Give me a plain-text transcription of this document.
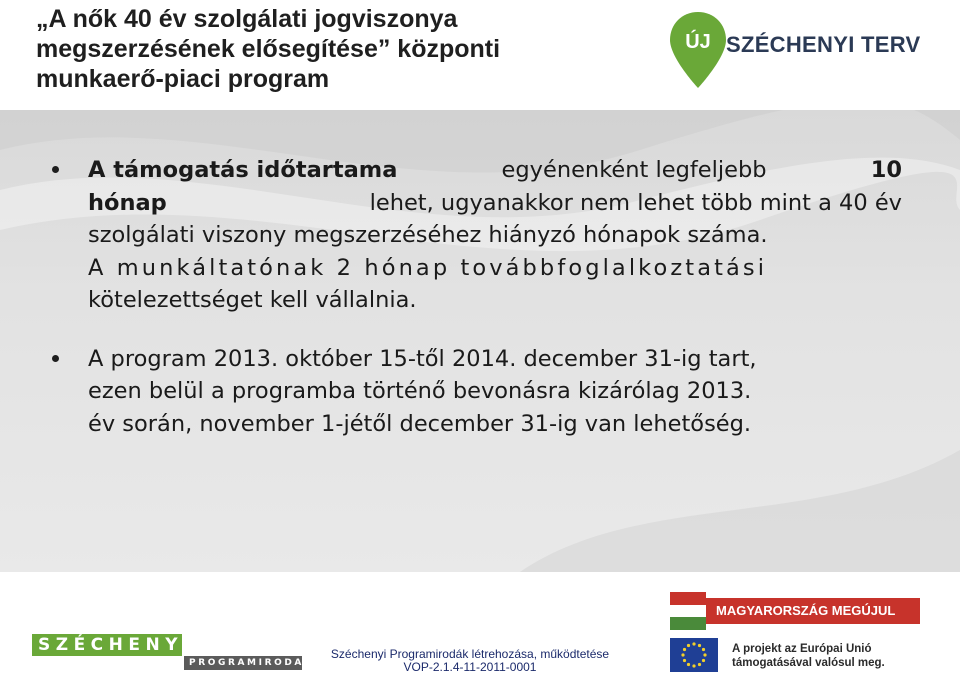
„A nők 40 év szolgálati jogviszonya
megszerzésének elősegítése” központi
munkaerő-piaci program
ÚJ SZÉCHENYI TERV
A támogatás időtartama	egyénenként legfeljebb	10
hónap	lehet, ugyanakkor nem lehet több mint a 40 év
szolgálati viszony megszerzéséhez hiányzó hónapok száma.
A munkáltatónak 2 hónap továbbfoglalkoztatási
kötelezettséget kell vállalnia.
A program 2013. október 15-től 2014. december 31-ig tart,
ezen belül a programba történő bevonásra kizárólag 2013.
év során, november 1-jétől december 31-ig van lehetőség.
SZÉCHENYI
PROGRAMIRODA
Széchenyi Programirodák létrehozása, működtetése
VOP-2.1.4-11-2011-0001
MAGYARORSZÁG MEGÚJUL
A projekt az Európai Unió
támogatásával valósul meg.
